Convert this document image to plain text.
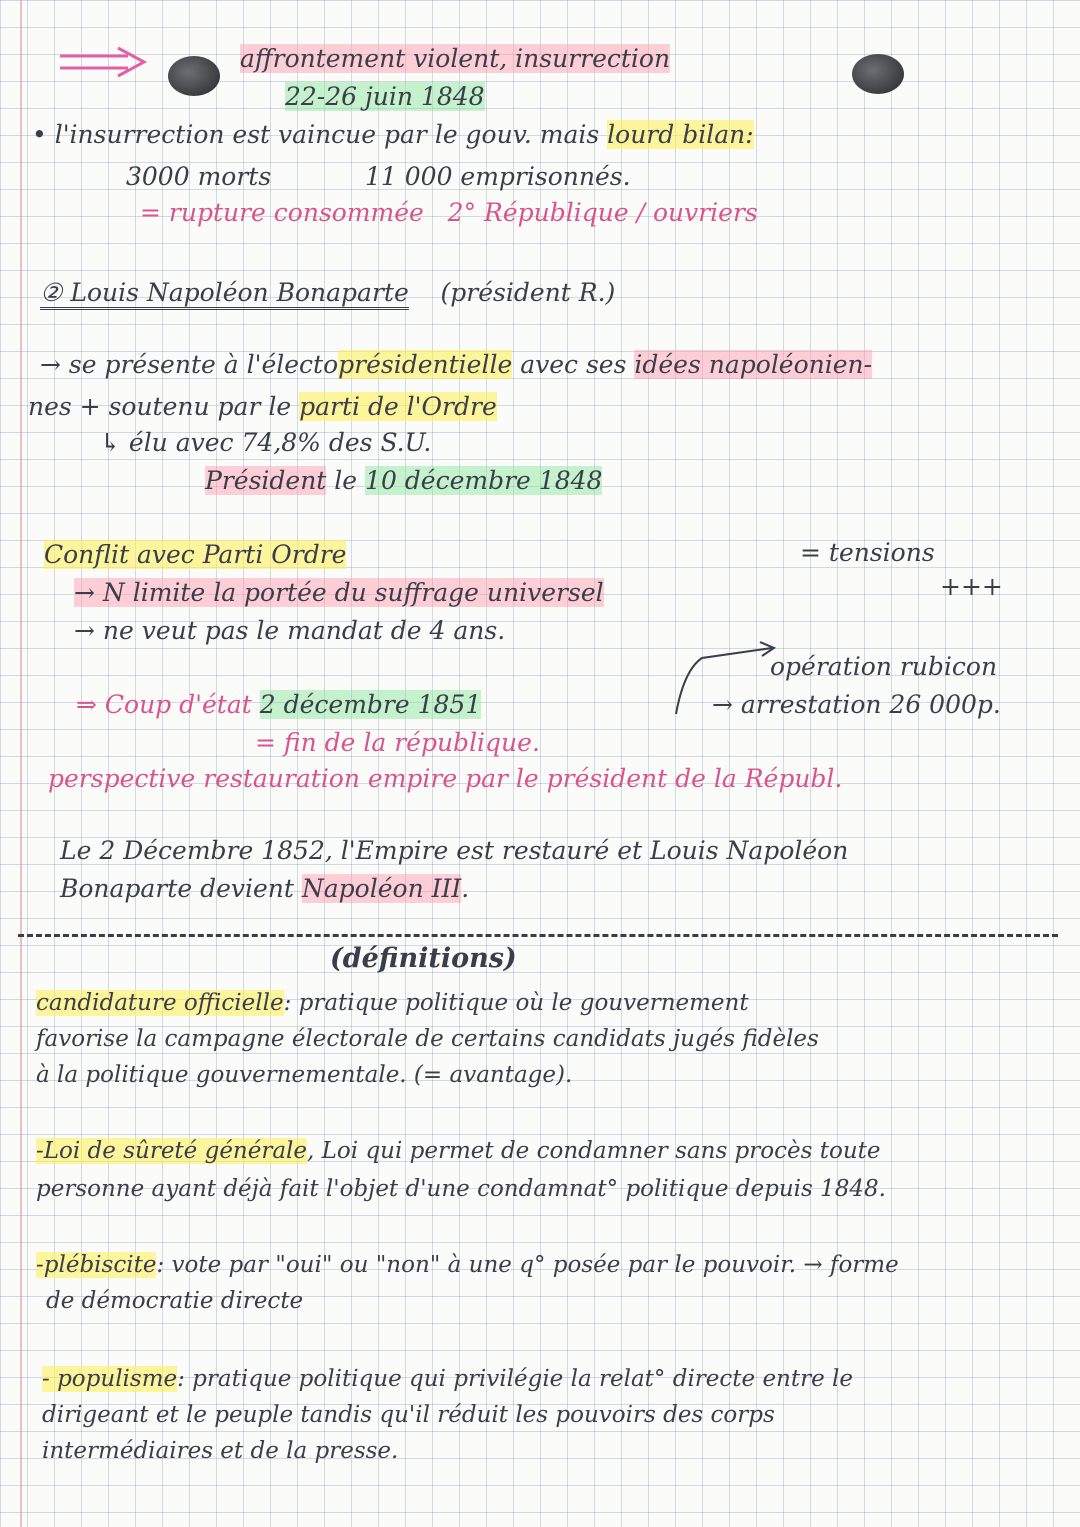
affrontement violent, insurrection
22-26 juin 1848
• l'insurrection est vaincue par le gouv. mais lourd bilan:
3000 morts	11 000 emprisonnés.
= rupture consommée 2° République / ouvriers
② Louis Napoléon Bonaparte (président R.)
→ se présente à l'électoprésidentielle avec ses idées napoléonien-
nes + soutenu par le parti de l'Ordre
↳ élu avec 74,8% des S.U.
Président le 10 décembre 1848
Conflit avec Parti Ordre
→ N limite la portée du suffrage universel
→ ne veut pas le mandat de 4 ans.
= tensions
+++
opération rubicon
→ arrestation 26 000p.
⇒ Coup d'état 2 décembre 1851
= fin de la république.
perspective restauration empire par le président de la Républ.
Le 2 Décembre 1852, l'Empire est restauré et Louis Napoléon
Bonaparte devient Napoléon III.
(définitions)
candidature officielle: pratique politique où le gouvernement
favorise la campagne électorale de certains candidats jugés fidèles
à la politique gouvernementale. (= avantage).
-Loi de sûreté générale, Loi qui permet de condamner sans procès toute
personne ayant déjà fait l'objet d'une condamnat° politique depuis 1848.
-plébiscite: vote par "oui" ou "non" à une q° posée par le pouvoir. → forme
de démocratie directe
- populisme: pratique politique qui privilégie la relat° directe entre le
dirigeant et le peuple tandis qu'il réduit les pouvoirs des corps
intermédiaires et de la presse.
